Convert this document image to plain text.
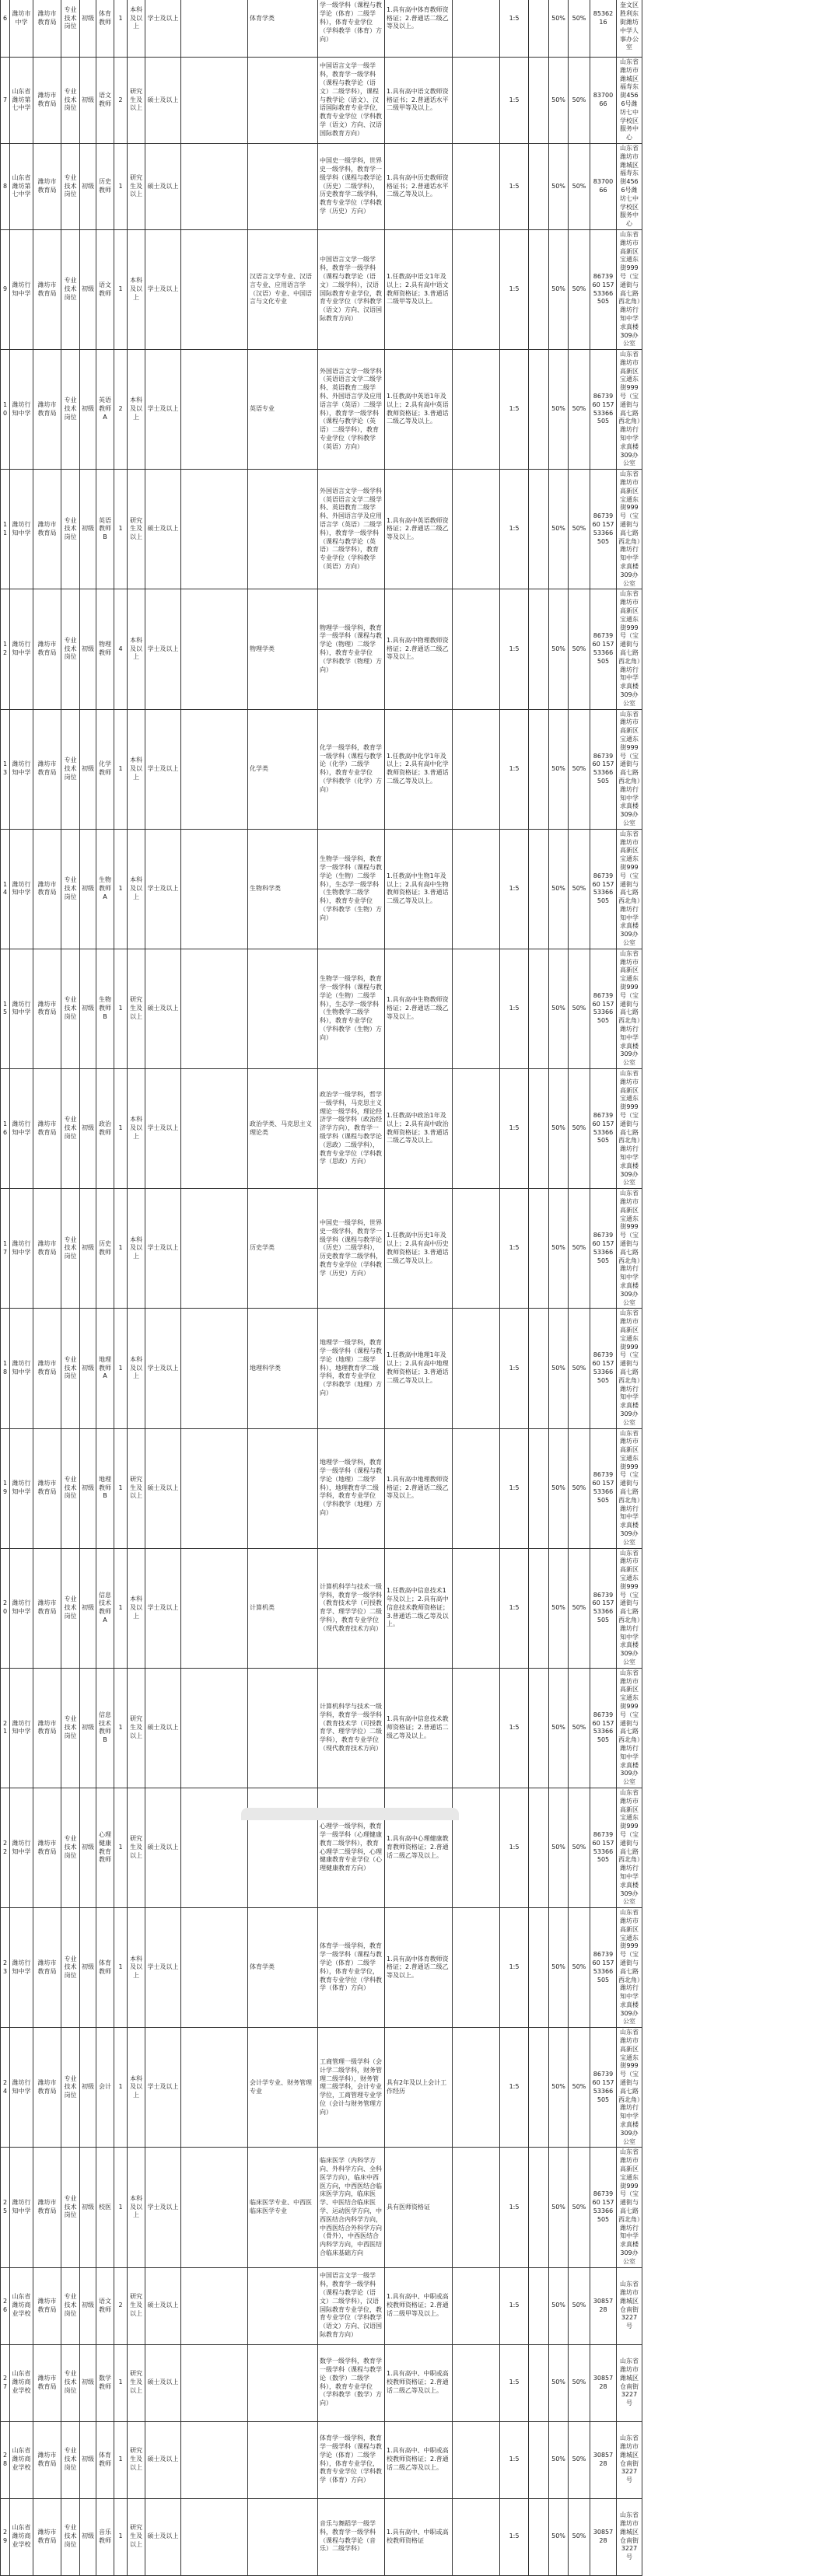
6	潍坊市中学	潍坊市教育局	专业技术岗位	初级	体育教师	1	本科及以上	学士及以上		体育学类	学一级学科（课程与教学论（体育）二级学科），体育专业学位（学科教学（体育）方向）	1.具有高中体育教师资格证；2.普通话二级乙等及以上。		1:5		50%	50%	8536216	奎文区胜利东街潍坊中学人事办公室
7	山东省潍坊第七中学	潍坊市教育局	专业技术岗位	初级	语文教师	2	研究生及以上	硕士及以上			中国语言文学一级学科，教育学一级学科（课程与教学论（语文）二级学科），课程与教学论（语文）、汉语国际教育专业学位，教育专业学位（学科教学（语文）方向、汉语国际教育方向）	1.具有高中语文教师资格证书；2.普通话水平二级甲等及以上。		1:5		50%	50%	8370066	山东省潍坊市潍城区福寿东街4566号潍坊七中学校区服务中心
8	山东省潍坊第七中学	潍坊市教育局	专业技术岗位	初级	历史教师	1	研究生及以上	硕士及以上			中国史一级学科，世界史一级学科，教育学一级学科（课程与教学论（历史）二级学科），历史教育学二级学科，教育专业学位（学科教学（历史）方向）	1.具有高中历史教师资格证书；2.普通话水平二级乙等及以上。		1:5		50%	50%	8370066	山东省潍坊市潍城区福寿东街4566号潍坊七中学校区服务中心
9	潍坊行知中学	潍坊市教育局	专业技术岗位	初级	语文教师	1	本科及以上	学士及以上		汉语言文学专业、汉语言专业、应用语言学（汉语）专业、中国语言与文化专业	中国语言文学一级学科，教育学一级学科（课程与教学论（语文）二级学科），汉语国际教育专业学位，教育专业学位（学科教学（语文）方向、汉语国际教育方向）	1.任教高中语文1年及以上；2.具有高中语文教师资格证；3.普通话二级甲等及以上。		1:5		50%	50%	8673960 15753366505	山东省潍坊市高新区宝通东街999号（宝通街与高七路西北角）潍坊行知中学求真楼309办公室
10	潍坊行知中学	潍坊市教育局	专业技术岗位	初级	英语教师A	2	本科及以上	学士及以上		英语专业	外国语言文学一级学科（英语语言文学二级学科、英语教育二级学科、外国语言学及应用语言学（英语）二级学科），教育学一级学科（课程与教学论（英语）二级学科），教育专业学位（学科教学（英语）方向）	1.任教高中英语1年及以上；2.具有高中英语教师资格证；3.普通话二级乙等及以上。		1:5		50%	50%	8673960 15753366505	山东省潍坊市高新区宝通东街999号（宝通街与高七路西北角）潍坊行知中学求真楼309办公室
11	潍坊行知中学	潍坊市教育局	专业技术岗位	初级	英语教师B	1	研究生及以上	硕士及以上			外国语言文学一级学科（英语语言文学二级学科、英语教育二级学科、外国语言学及应用语言学（英语）二级学科），教育学一级学科（课程与教学论（英语）二级学科），教育专业学位（学科教学（英语）方向）	1.具有高中英语教师资格证；2.普通话二级乙等及以上。		1:5		50%	50%	8673960 15753366505	山东省潍坊市高新区宝通东街999号（宝通街与高七路西北角）潍坊行知中学求真楼309办公室
12	潍坊行知中学	潍坊市教育局	专业技术岗位	初级	物理教师	4	本科及以上	学士及以上		物理学类	物理学一级学科，教育学一级学科（课程与教学论（物理）二级学科），教育专业学位（学科教学（物理）方向）	1.具有高中物理教师资格证；2.普通话二级乙等及以上。		1:5		50%	50%	8673960 15753366505	山东省潍坊市高新区宝通东街999号（宝通街与高七路西北角）潍坊行知中学求真楼309办公室
13	潍坊行知中学	潍坊市教育局	专业技术岗位	初级	化学教师	1	本科及以上	学士及以上		化学类	化学一级学科，教育学一级学科（课程与教学论（化学）二级学科），教育专业学位（学科教学（化学）方向）	1.任教高中化学1年及以上；2.具有高中化学教师资格证；3.普通话二级乙等及以上。		1:5		50%	50%	8673960 15753366505	山东省潍坊市高新区宝通东街999号（宝通街与高七路西北角）潍坊行知中学求真楼309办公室
14	潍坊行知中学	潍坊市教育局	专业技术岗位	初级	生物教师A	1	本科及以上	学士及以上		生物科学类	生物学一级学科，教育学一级学科（课程与教学论（生物）二级学科），生态学一级学科（生物教学二级学科），教育专业学位（学科教学（生物）方向）	1.任教高中生物1年及以上；2.具有高中生物教师资格证；3.普通话二级乙等及以上。		1:5		50%	50%	8673960 15753366505	山东省潍坊市高新区宝通东街999号（宝通街与高七路西北角）潍坊行知中学求真楼309办公室
15	潍坊行知中学	潍坊市教育局	专业技术岗位	初级	生物教师B	1	研究生及以上	硕士及以上			生物学一级学科，教育学一级学科（课程与教学论（生物）二级学科），生态学一级学科（生物教学二级学科），教育专业学位（学科教学（生物）方向）	1.具有高中生物教师资格证；2.普通话二级乙等及以上。		1:5		50%	50%	8673960 15753366505	山东省潍坊市高新区宝通东街999号（宝通街与高七路西北角）潍坊行知中学求真楼309办公室
16	潍坊行知中学	潍坊市教育局	专业技术岗位	初级	政治教师	1	本科及以上	学士及以上		政治学类、马克思主义理论类	政治学一级学科，哲学一级学科，马克思主义理论一级学科，理论经济学一级学科（政治经济学方向），教育学一级学科（课程与教学论（思政）二级学科），教育专业学位（学科教学（思政）方向）	1.任教高中政治1年及以上；2.具有高中政治教师资格证；3.普通话二级乙等及以上。		1:5		50%	50%	8673960 15753366505	山东省潍坊市高新区宝通东街999号（宝通街与高七路西北角）潍坊行知中学求真楼309办公室
17	潍坊行知中学	潍坊市教育局	专业技术岗位	初级	历史教师	1	本科及以上	学士及以上		历史学类	中国史一级学科，世界史一级学科，教育学一级学科（课程与教学论（历史）二级学科），历史教育学二级学科，教育专业学位（学科教学（历史）方向）	1.任教高中历史1年及以上；2.具有高中历史教师资格证；3.普通话二级乙等及以上。		1:5		50%	50%	8673960 15753366505	山东省潍坊市高新区宝通东街999号（宝通街与高七路西北角）潍坊行知中学求真楼309办公室
18	潍坊行知中学	潍坊市教育局	专业技术岗位	初级	地理教师A	1	本科及以上	学士及以上		地理科学类	地理学一级学科，教育学一级学科（课程与教学论（地理）二级学科），地理教育学二级学科，教育专业学位（学科教学（地理）方向）	1.任教高中地理1年及以上；2.具有高中地理教师资格证；3.普通话二级乙等及以上。		1:5		50%	50%	8673960 15753366505	山东省潍坊市高新区宝通东街999号（宝通街与高七路西北角）潍坊行知中学求真楼309办公室
19	潍坊行知中学	潍坊市教育局	专业技术岗位	初级	地理教师B	1	研究生及以上	硕士及以上			地理学一级学科，教育学一级学科（课程与教学论（地理）二级学科），地理教育学二级学科，教育专业学位（学科教学（地理）方向）	1.具有高中地理教师资格证；2.普通话二级乙等及以上。		1:5		50%	50%	8673960 15753366505	山东省潍坊市高新区宝通东街999号（宝通街与高七路西北角）潍坊行知中学求真楼309办公室
20	潍坊行知中学	潍坊市教育局	专业技术岗位	初级	信息技术教师A	1	本科及以上	学士及以上		计算机类	计算机科学与技术一级学科，教育学一级学科（教育技术学（可授教育学、理学学位）二级学科），教育专业学位（现代教育技术方向）	1.任教高中信息技术1年及以上；2.具有高中信息技术教师资格证；3.普通话二级乙等及以上。		1:5		50%	50%	8673960 15753366505	山东省潍坊市高新区宝通东街999号（宝通街与高七路西北角）潍坊行知中学求真楼309办公室
21	潍坊行知中学	潍坊市教育局	专业技术岗位	初级	信息技术教师B	1	研究生及以上	硕士及以上			计算机科学与技术一级学科，教育学一级学科（教育技术学（可授教育学、理学学位）二级学科），教育专业学位（现代教育技术方向）	1.具有高中信息技术教师资格证；2.普通话二级乙等及以上。		1:5		50%	50%	8673960 15753366505	山东省潍坊市高新区宝通东街999号（宝通街与高七路西北角）潍坊行知中学求真楼309办公室
22	潍坊行知中学	潍坊市教育局	专业技术岗位	初级	心理健康教育教师	1	研究生及以上	硕士及以上			心理学一级学科，教育学一级学科（心理健康教育二级学科），教育心理学二级学科，心理健康教育专业学位（心理健康教育方向）	1.具有高中心理健康教育教师资格证；2.普通话二级乙等及以上。		1:5		50%	50%	8673960 15753366505	山东省潍坊市高新区宝通东街999号（宝通街与高七路西北角）潍坊行知中学求真楼309办公室
23	潍坊行知中学	潍坊市教育局	专业技术岗位	初级	体育教师	1	本科及以上	学士及以上		体育学类	体育学一级学科，教育学一级学科（课程与教学论（体育）二级学科），体育专业学位，教育专业学位（学科教学（体育）方向）	1.具有高中体育教师资格证；2.普通话二级乙等及以上。		1:5		50%	50%	8673960 15753366505	山东省潍坊市高新区宝通东街999号（宝通街与高七路西北角）潍坊行知中学求真楼309办公室
24	潍坊行知中学	潍坊市教育局	专业技术岗位	初级	会计	1	本科及以上	学士及以上		会计学专业、财务管理专业	工商管理一级学科（会计学二级学科，财务管理二级学科），财务管理二级学科，会计专业学位，工商管理专业学位（会计与财务管理方向）	具有2年及以上会计工作经历		1:5		50%	50%	8673960 15753366505	山东省潍坊市高新区宝通东街999号（宝通街与高七路西北角）潍坊行知中学求真楼309办公室
25	潍坊行知中学	潍坊市教育局	专业技术岗位	初级	校医	1	本科及以上	学士及以上		临床医学专业、中西医临床医学专业	临床医学（内科学方向、外科学方向、全科医学方向），临床中西医方向，中西医结合临床医学方向，临床医学、中医结合临床医学、运动医学方向，中西医结合内科学方向，中西医结合外科学方向（骨外），中西医结合内科学方向，中西医结合临床基础方向	具有医师资格证		1:5		50%	50%	8673960 15753366505	山东省潍坊市高新区宝通东街999号（宝通街与高七路西北角）潍坊行知中学求真楼309办公室
26	山东省潍坊商业学校	潍坊市教育局	专业技术岗位	初级	语文教师	2	研究生及以上	硕士及以上			中国语言文学一级学科，教育学一级学科（课程与教学论（语文）二级学科），汉语国际教育专业学位，教育专业学位（学科教学（语文）方向、汉语国际教育方向）	1.具有高中、中职或高校教师资格证；2.普通话二级甲等及以上。		1:5		50%	50%	3085728	山东省潍坊市潍城区仓南街3227号
27	山东省潍坊商业学校	潍坊市教育局	专业技术岗位	初级	数学教师	1	研究生及以上	硕士及以上			数学一级学科，教育学一级学科（课程与教学论（数学）二级学科），教育专业学位（学科教学（数学）方向）	1.具有高中、中职或高校教师资格证；2.普通话二级乙等及以上。		1:5		50%	50%	3085728	山东省潍坊市潍城区仓南街3227号
28	山东省潍坊商业学校	潍坊市教育局	专业技术岗位	初级	体育教师	1	研究生及以上	硕士及以上			体育学一级学科，教育学一级学科（课程与教学论（体育）二级学科），体育专业学位，教育专业学位（学科教学（体育）方向）	1.具有高中、中职或高校教师资格证；2.普通话二级乙等及以上。		1:5		50%	50%	3085728	山东省潍坊市潍城区仓南街3227号
29	山东省潍坊商业学校	潍坊市教育局	专业技术岗位	初级	音乐教师	1	研究生及以上	硕士及以上			音乐与舞蹈学一级学科，教育学一级学科（课程与教学论（音乐）二级学科）	1.具有高中、中职或高校教师资格证		1:5		50%	50%	3085728	山东省潍坊市潍城区仓南街3227号
